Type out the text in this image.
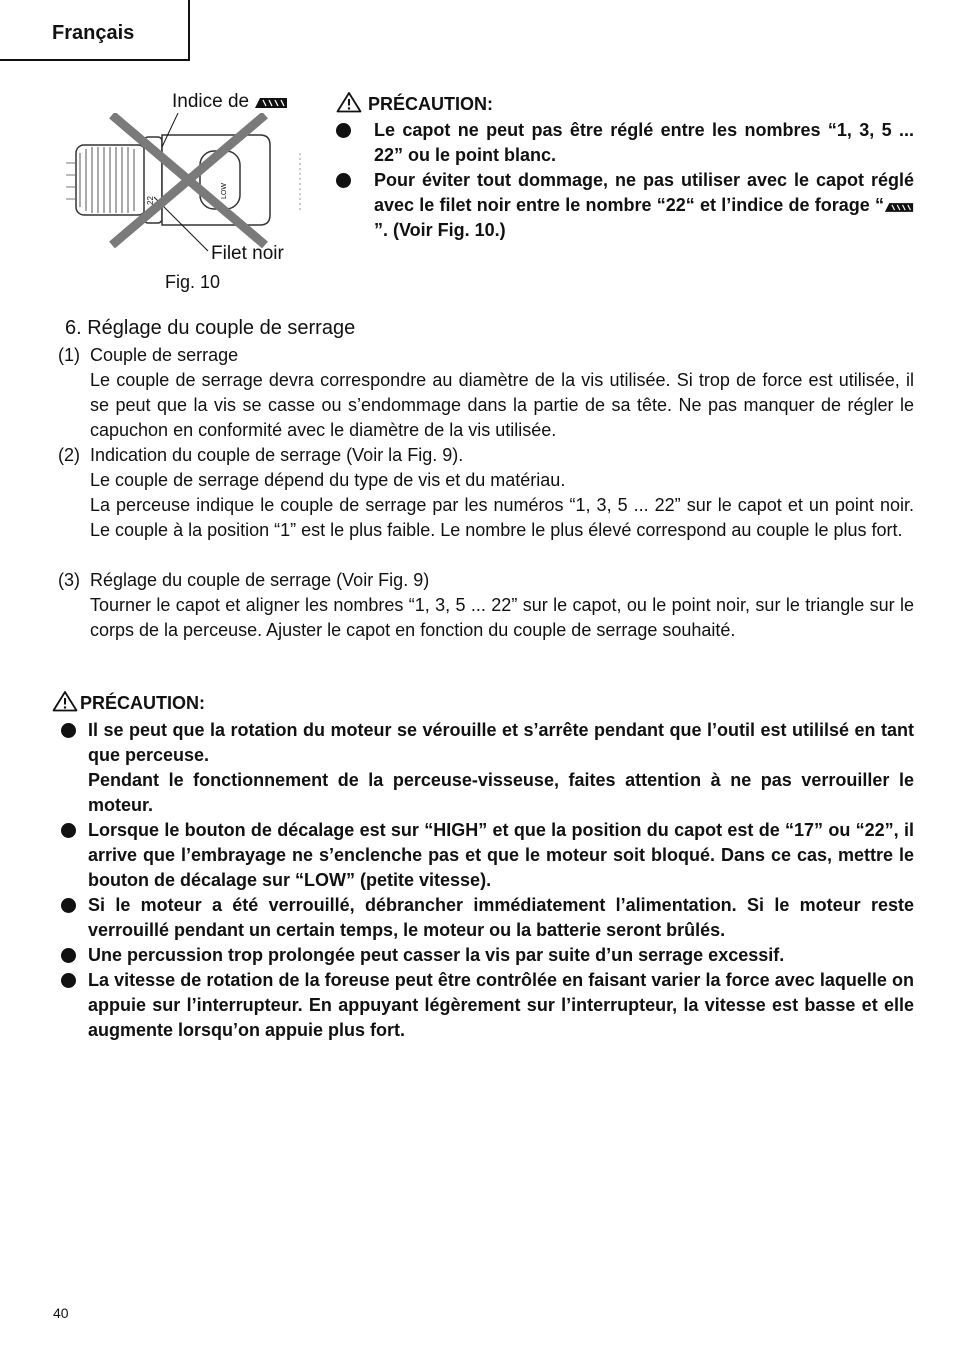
Français
Indice de
22
LOW
Filet noir
Fig. 10
PRÉCAUTION:
Le capot ne peut pas être réglé entre les nombres “1, 3, 5 ... 22” ou le point blanc.
Pour éviter tout dommage, ne pas utiliser avec le capot réglé avec le filet noir entre le nombre “22“ et l’indice de forage “”. (Voir Fig. 10.)
6. Réglage du couple de serrage
(1) Couple de serrage

Le couple de serrage devra correspondre au diamètre de la vis utilisée. Si trop de force est utilisée, il se peut que la vis se casse ou s’endommage dans la partie de sa tête. Ne pas manquer de régler le capuchon en conformité avec le diamètre de la vis utilisée.

(2) Indication du couple de serrage (Voir la Fig. 9).

Le couple de serrage dépend du type de vis et du matériau.

La perceuse indique le couple de serrage par les numéros “1, 3, 5 ... 22” sur le capot et un point noir. Le couple à la position “1” est le plus faible. Le nombre le plus élevé correspond au couple le plus fort.

(3) Réglage du couple de serrage (Voir Fig. 9)

Tourner le capot et aligner les nombres “1, 3, 5 ... 22” sur le capot, ou le point noir, sur le triangle sur le corps de la perceuse. Ajuster le capot en fonction du couple de serrage souhaité.

PRÉCAUTION:
Il se peut que la rotation du moteur se vérouille et s’arrête pendant que l’outil est utililsé en tant que perceuse.
Pendant le fonctionnement de la perceuse-visseuse, faites attention à ne pas verrouiller le moteur.
Lorsque le bouton de décalage est sur “HIGH” et que la position du capot est de “17” ou “22”, il arrive que l’embrayage ne s’enclenche pas et que le moteur soit bloqué. Dans ce cas, mettre le bouton de décalage sur “LOW” (petite vitesse).
Si le moteur a été verrouillé, débrancher immédiatement l’alimentation. Si le moteur reste verrouillé pendant un certain temps, le moteur ou la batterie seront brûlés.
Une percussion trop prolongée peut casser la vis par suite d’un serrage excessif.
La vitesse de rotation de la foreuse peut être contrôlée en faisant varier la force avec laquelle on appuie sur l’interrupteur. En appuyant légèrement sur l’interrupteur, la vitesse est basse et elle augmente lorsqu’on appuie plus fort.
40
